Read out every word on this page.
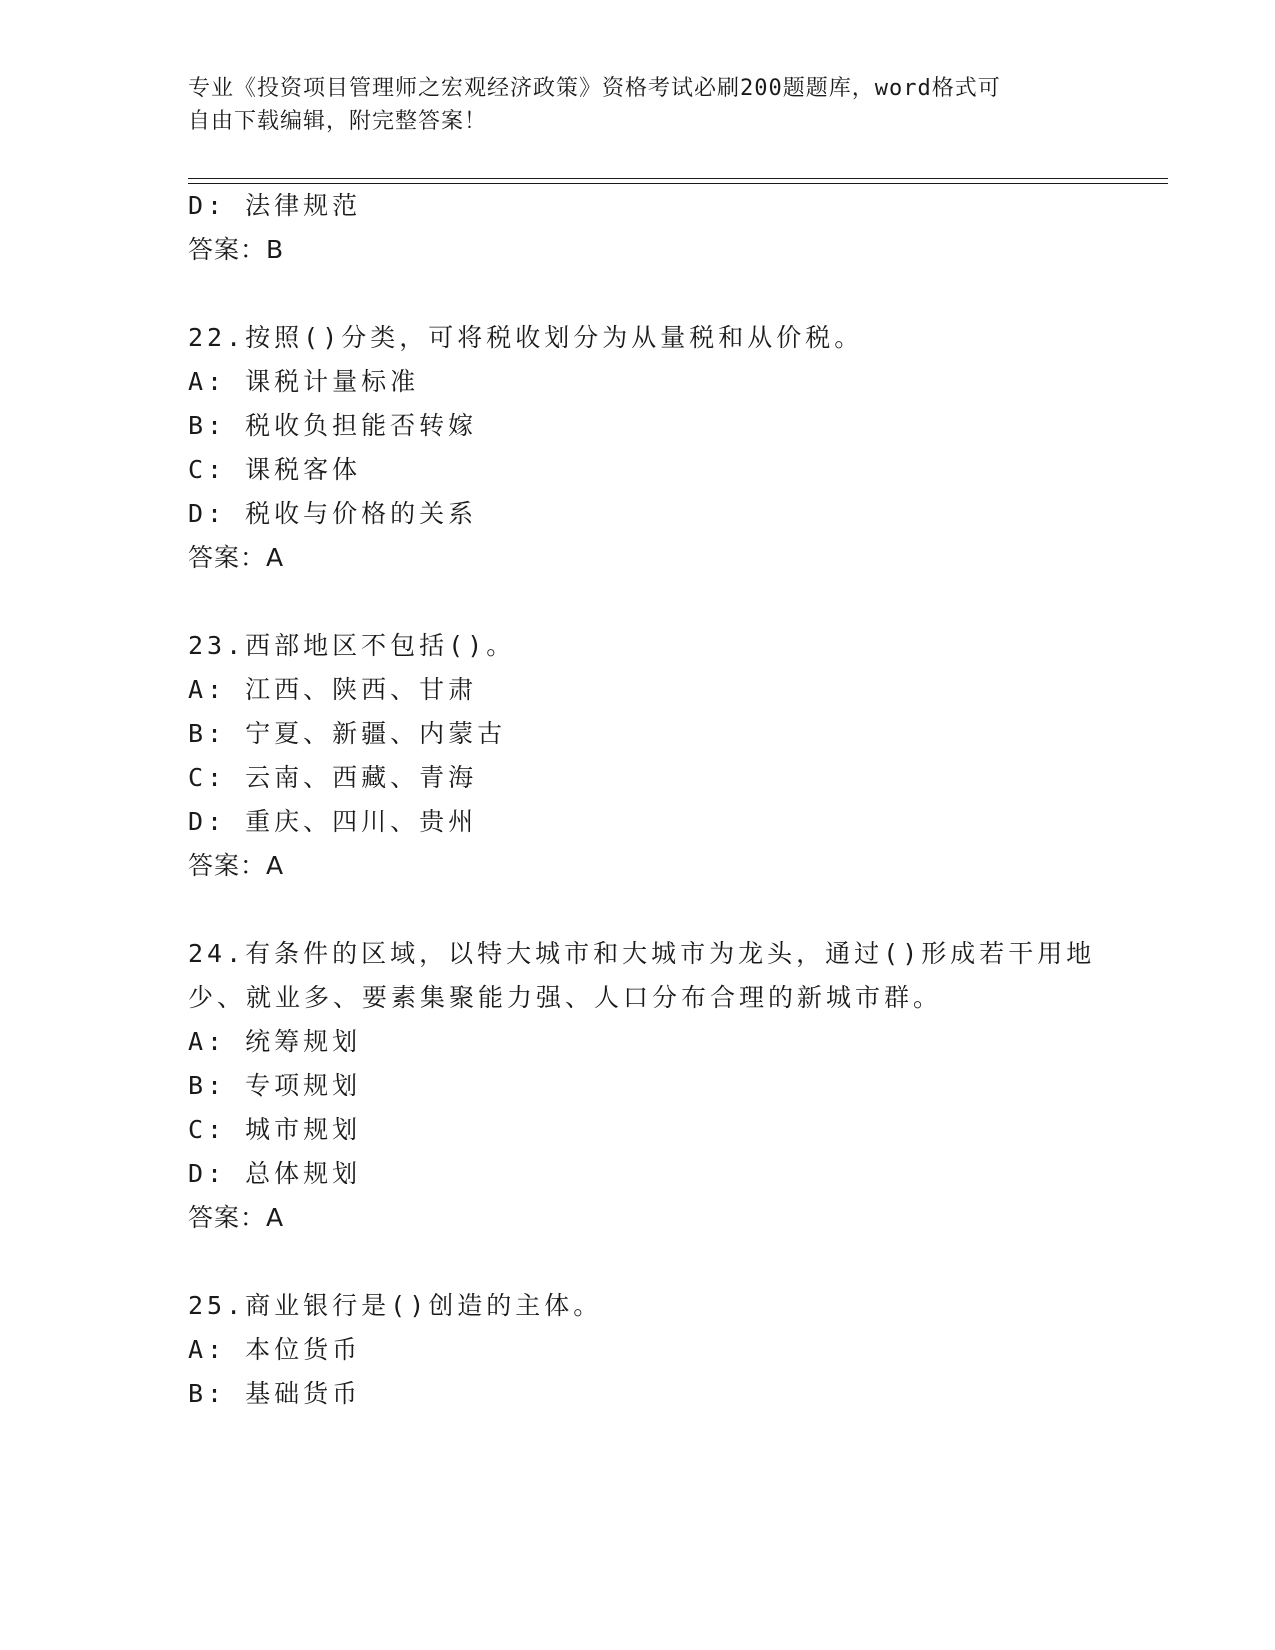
专业《投资项目管理师之宏观经济政策》资格考试必刷200题题库，word格式可
自由下载编辑，附完整答案！
D: 法律规范
答案：B
22.按照()分类，可将税收划分为从量税和从价税。
A: 课税计量标准
B: 税收负担能否转嫁
C: 课税客体
D: 税收与价格的关系
答案：A
23.西部地区不包括()。
A: 江西、陕西、甘肃
B: 宁夏、新疆、内蒙古
C: 云南、西藏、青海
D: 重庆、四川、贵州
答案：A
24.有条件的区域，以特大城市和大城市为龙头，通过()形成若干用地
少、就业多、要素集聚能力强、人口分布合理的新城市群。
A: 统筹规划
B: 专项规划
C: 城市规划
D: 总体规划
答案：A
25.商业银行是()创造的主体。
A: 本位货币
B: 基础货币
